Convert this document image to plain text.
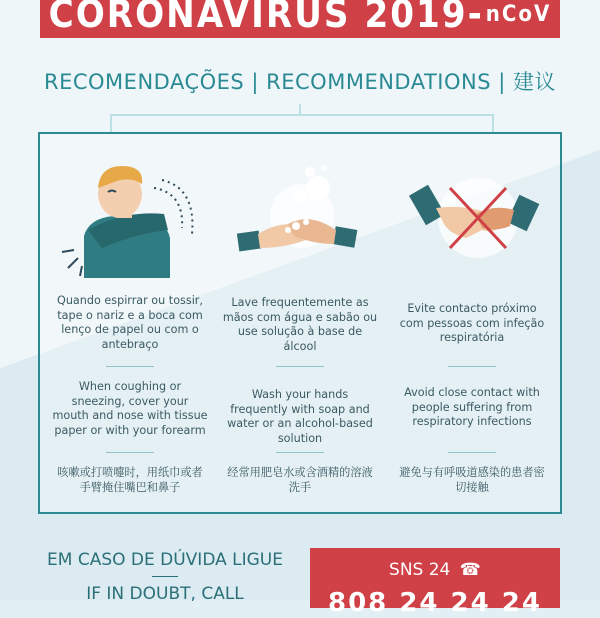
CORONAVIRUS 2019- nCoV
RECOMENDAÇÕES | RECOMMENDATIONS | 建议
Quando espirrar ou tossir, tape o nariz e a boca com lenço de papel ou com o antebraço
When coughing or sneezing, cover your mouth and nose with tissue paper or with your forearm
咳嗽或打喷嚏时，用纸巾或者手臂掩住嘴巴和鼻子
Lave frequentemente as mãos com água e sabão ou use solução à base de álcool
Wash your hands frequently with soap and water or an alcohol-based solution
经常用肥皂水或含酒精的溶液洗手
Evite contacto próximo com pessoas com infeção respiratória
Avoid close contact with people suffering from respiratory infections
避免与有呼吸道感染的患者密切接触
EM CASO DE DÚVIDA LIGUE
IF IN DOUBT, CALL
SNS 24 ☎
808 24 24 24
